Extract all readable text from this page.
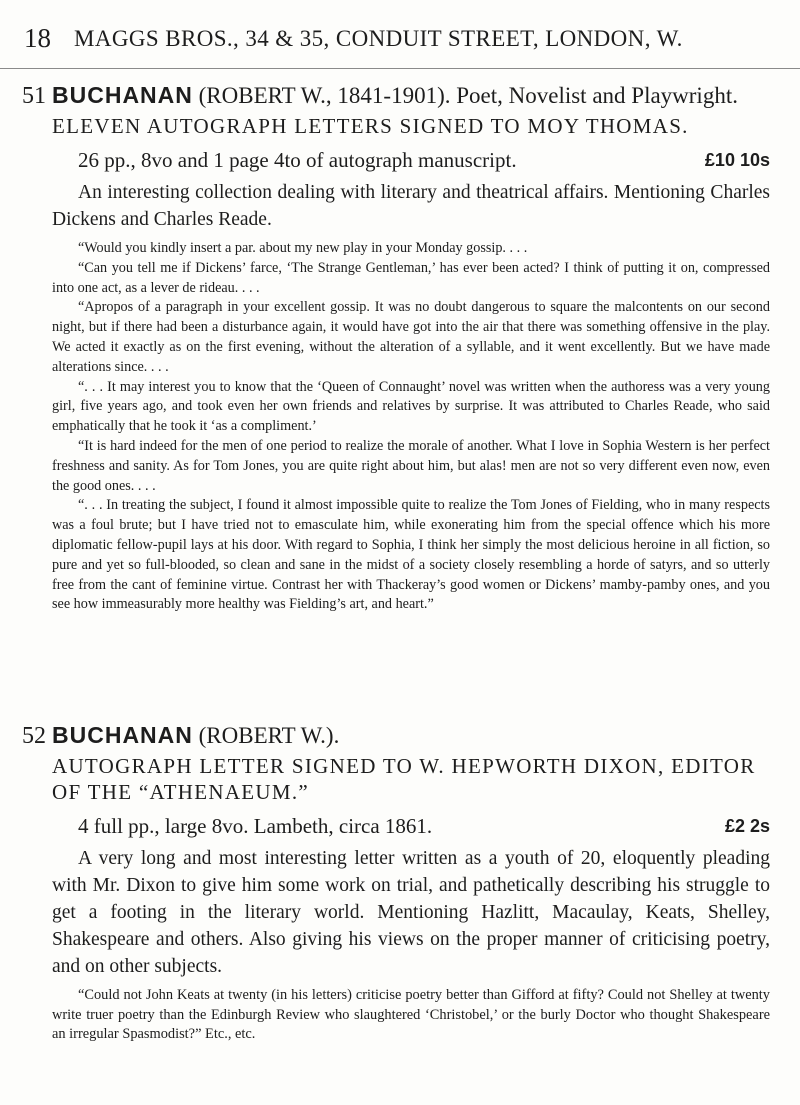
18 MAGGS BROS., 34 & 35, CONDUIT STREET, LONDON, W.
51 BUCHANAN (ROBERT W., 1841-1901). Poet, Novelist and Playwright.
ELEVEN AUTOGRAPH LETTERS SIGNED TO MOY THOMAS.
26 pp., 8vo and 1 page 4to of autograph manuscript.	£10 10s

An interesting collection dealing with literary and theatrical affairs. Mentioning Charles Dickens and Charles Reade.

“Would you kindly insert a par. about my new play in your Monday gossip. . . .

“Can you tell me if Dickens’ farce, ‘The Strange Gentleman,’ has ever been acted? I think of putting it on, compressed into one act, as a lever de rideau. . . .

“Apropos of a paragraph in your excellent gossip. It was no doubt dangerous to square the malcontents on our second night, but if there had been a disturbance again, it would have got into the air that there was something offensive in the play. We acted it exactly as on the first evening, without the alteration of a syllable, and it went excellently. But we have made alterations since. . . .

“. . . It may interest you to know that the ‘Queen of Connaught’ novel was written when the authoress was a very young girl, five years ago, and took even her own friends and relatives by surprise. It was attributed to Charles Reade, who said emphatically that he took it ‘as a compliment.’

“It is hard indeed for the men of one period to realize the morale of another. What I love in Sophia Western is her perfect freshness and sanity. As for Tom Jones, you are quite right about him, but alas! men are not so very different even now, even the good ones. . . .

“. . . In treating the subject, I found it almost impossible quite to realize the Tom Jones of Fielding, who in many respects was a foul brute; but I have tried not to emasculate him, while exonerating him from the special offence which his more diplomatic fellow-pupil lays at his door. With regard to Sophia, I think her simply the most delicious heroine in all fiction, so pure and yet so full-blooded, so clean and sane in the midst of a society closely resembling a horde of satyrs, and so utterly free from the cant of feminine virtue. Contrast her with Thackeray’s good women or Dickens’ mamby-pamby ones, and you see how immeasurably more healthy was Fielding’s art, and heart.”

52 BUCHANAN (ROBERT W.).
AUTOGRAPH LETTER SIGNED TO W. HEPWORTH DIXON, EDITOR OF THE “ATHENAEUM.”
4 full pp., large 8vo. Lambeth, circa 1861.	£2 2s

A very long and most interesting letter written as a youth of 20, eloquently pleading with Mr. Dixon to give him some work on trial, and pathetically describing his struggle to get a footing in the literary world. Mentioning Hazlitt, Macaulay, Keats, Shelley, Shakespeare and others. Also giving his views on the proper manner of criticising poetry, and on other subjects.

“Could not John Keats at twenty (in his letters) criticise poetry better than Gifford at fifty? Could not Shelley at twenty write truer poetry than the Edinburgh Review who slaughtered ‘Christobel,’ or the burly Doctor who thought Shakespeare an irregular Spasmodist?” Etc., etc.
